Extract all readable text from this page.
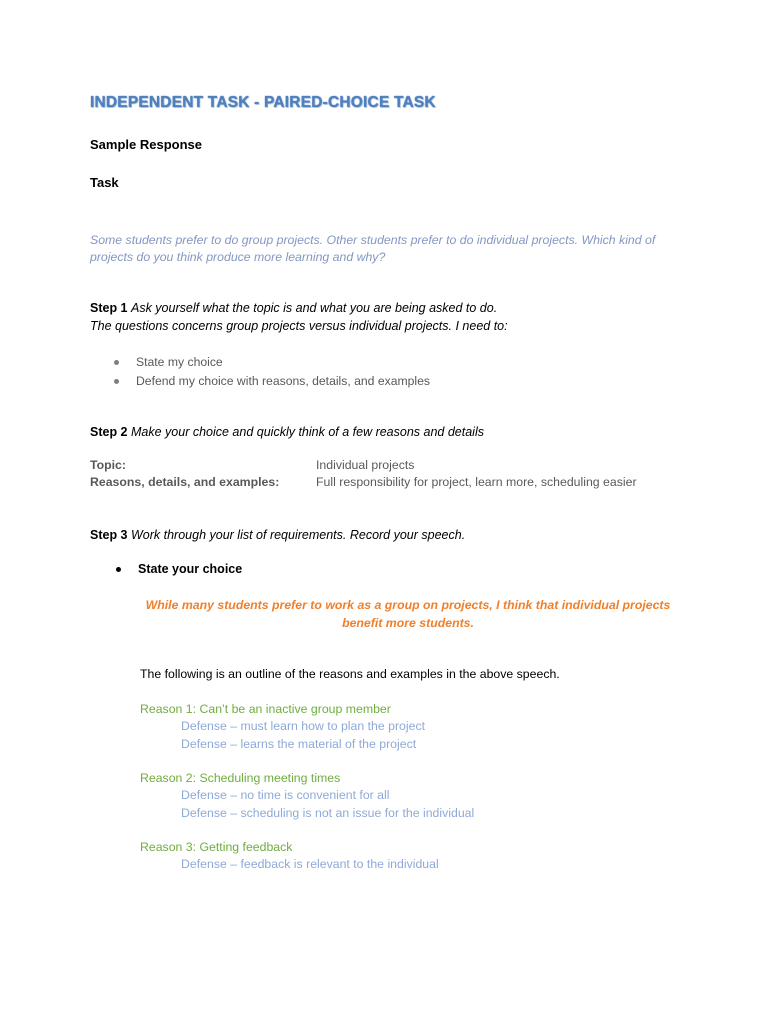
INDEPENDENT TASK - PAIRED-CHOICE TASK
Sample Response
Task
Some students prefer to do group projects. Other students prefer to do individual projects. Which kind of projects do you think produce more learning and why?
Step 1 Ask yourself what the topic is and what you are being asked to do.
The questions concerns group projects versus individual projects. I need to:
State my choice
Defend my choice with reasons, details, and examples
Step 2 Make your choice and quickly think of a few reasons and details
Topic:	Individual projects
Reasons, details, and examples:	Full responsibility for project, learn more, scheduling easier
Step 3 Work through your list of requirements. Record your speech.
State your choice
While many students prefer to work as a group on projects, I think that individual projects
benefit more students.
The following is an outline of the reasons and examples in the above speech.
Reason 1: Can’t be an inactive group member
Defense – must learn how to plan the project
Defense – learns the material of the project
Reason 2: Scheduling meeting times
Defense – no time is convenient for all
Defense – scheduling is not an issue for the individual
Reason 3: Getting feedback
Defense – feedback is relevant to the individual
